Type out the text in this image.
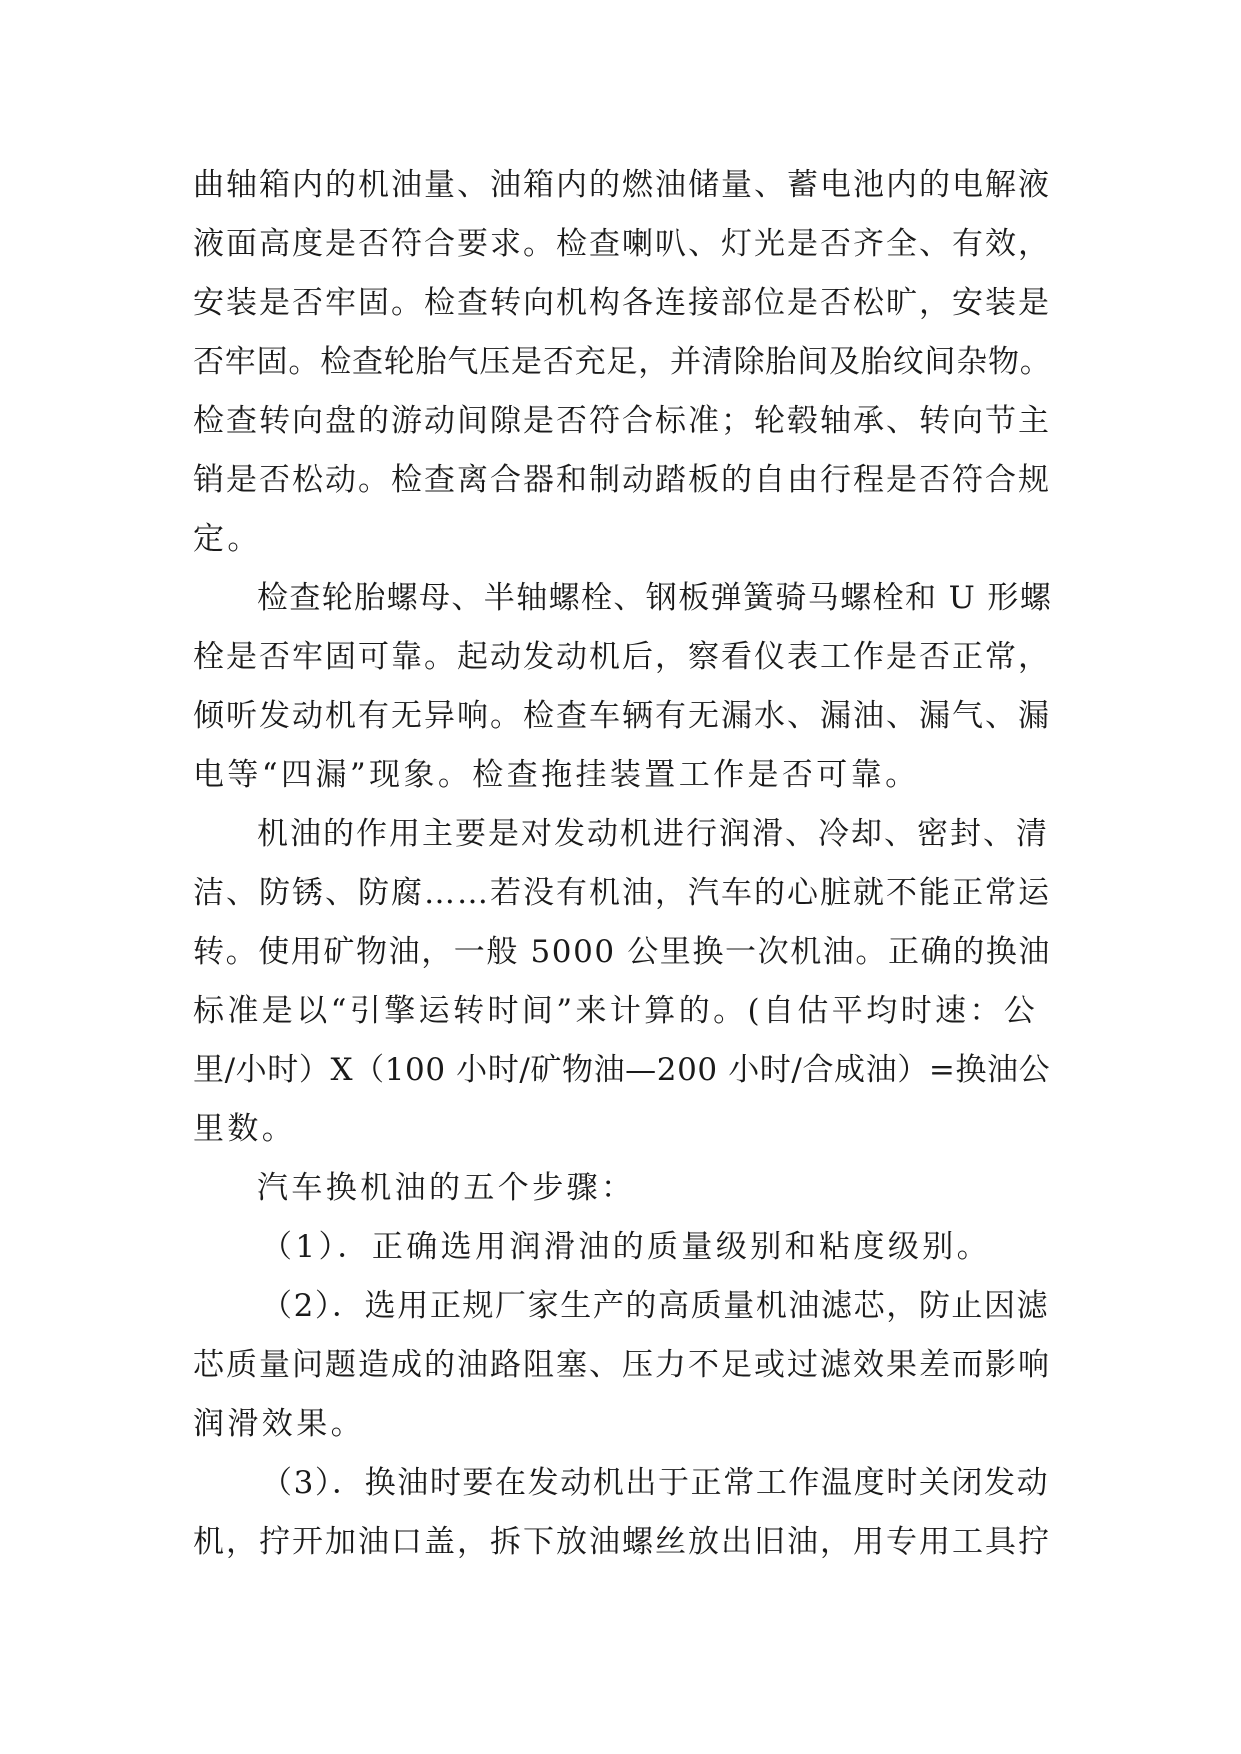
曲轴箱内的机油量、油箱内的燃油储量、蓄电池内的电解液
液面高度是否符合要求。检查喇叭、灯光是否齐全、有效，
安装是否牢固。检查转向机构各连接部位是否松旷，安装是
否牢固。检查轮胎气压是否充足，并清除胎间及胎纹间杂物。
检查转向盘的游动间隙是否符合标准；轮毂轴承、转向节主
销是否松动。检查离合器和制动踏板的自由行程是否符合规
定。
检查轮胎螺母、半轴螺栓、钢板弹簧骑马螺栓和 U 形螺
栓是否牢固可靠。起动发动机后，察看仪表工作是否正常，
倾听发动机有无异响。检查车辆有无漏水、漏油、漏气、漏
电等“四漏”现象。检查拖挂装置工作是否可靠。
机油的作用主要是对发动机进行润滑、冷却、密封、清
洁、防锈、防腐……若没有机油，汽车的心脏就不能正常运
转。使用矿物油，一般 5000 公里换一次机油。正确的换油
标准是以“引擎运转时间”来计算的。(自估平均时速：公
里/小时）X（100 小时/矿物油—200 小时/合成油）=换油公
里数。
汽车换机油的五个步骤：
（1）．正确选用润滑油的质量级别和粘度级别。
（2）．选用正规厂家生产的高质量机油滤芯，防止因滤
芯质量问题造成的油路阻塞、压力不足或过滤效果差而影响
润滑效果。
（3）．换油时要在发动机出于正常工作温度时关闭发动
机，拧开加油口盖，拆下放油螺丝放出旧油，用专用工具拧
